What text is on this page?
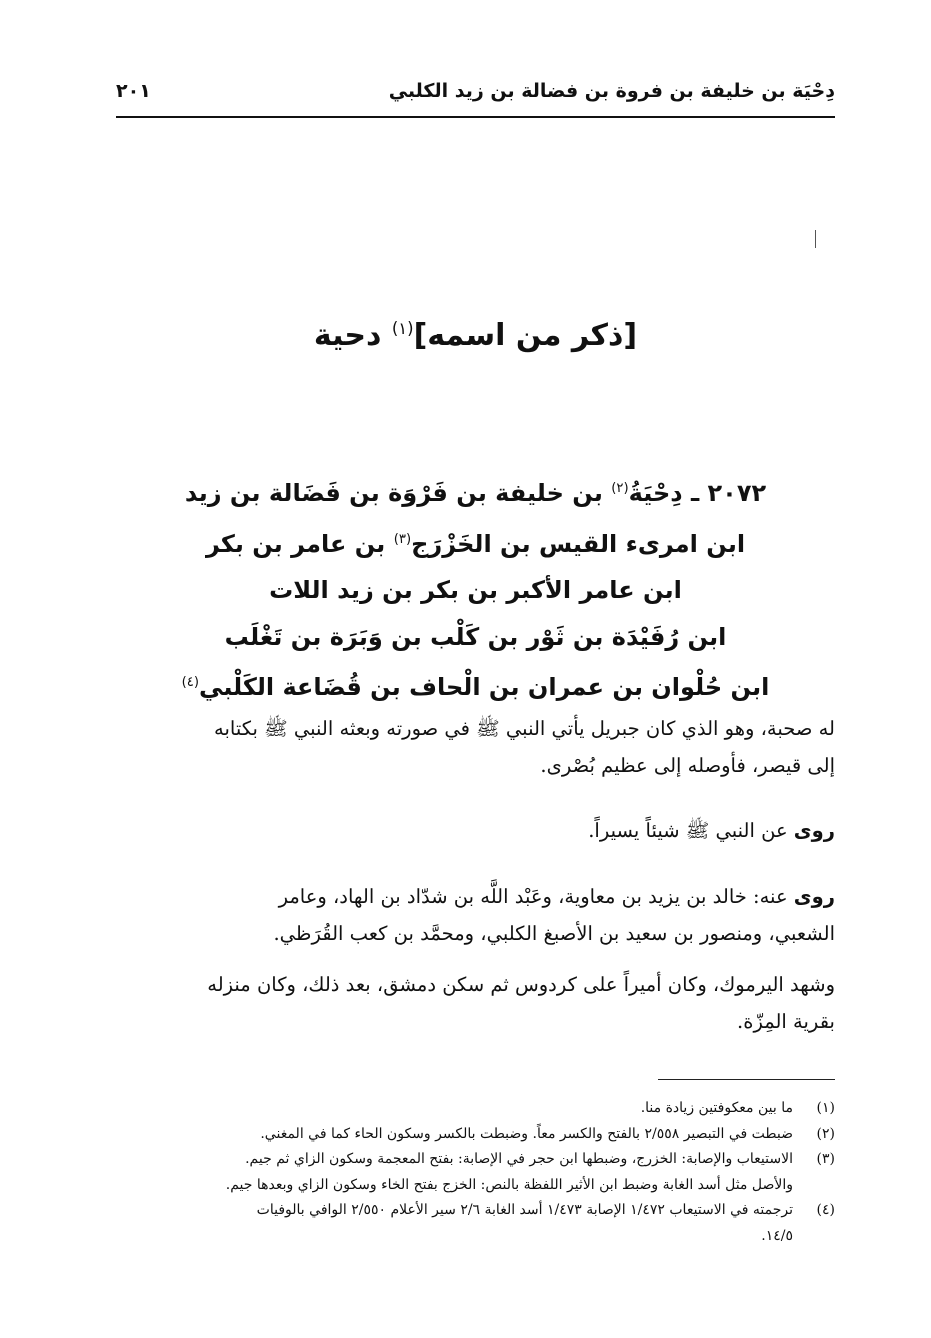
دِحْيَة بن خليفة بن فروة بن فضالة بن زيد الكلبي
٢٠١
[ذكر من اسمه]$^{(١)}$ دحية
٢٠٧٢ ـ دِحْيَةُ$^{(٢)}$ بن خليفة بن فَرْوَة بن فَضَالة بن زيد
ابن امرىء القيس بن الخَزْرَج$^{(٣)}$ بن عامر بن بكر
ابن عامر الأكبر بن بكر بن زيد اللات
ابن رُفَيْدَة بن ثَوْر بن كَلْب بن وَبَرَة بن تَغْلَب
ابن حُلْوان بن عمران بن الْحاف بن قُضَاعة الكَلْبي$^{(٤)}$
له صحبة، وهو الذي كان جبريل يأتي النبي ﷺ في صورته وبعثه النبي ﷺ بكتابه
إلى قيصر، فأوصله إلى عظيم بُصْرى.
روى عن النبي ﷺ شيئاً يسيراً.
روى عنه: خالد بن يزيد بن معاوية، وعَبْد اللَّه بن شدّاد بن الهاد، وعامر
الشعبي، ومنصور بن سعيد بن الأصبغ الكلبي، ومحمَّد بن كعب القُرَظي.
وشهد اليرموك، وكان أميراً على كردوس ثم سكن دمشق، بعد ذلك، وكان منزله
بقرية المِزّة.
(١)
ما بين معكوفتين زيادة منا.
(٢)
ضبطت في التبصير ٢/٥٥٨ بالفتح والكسر معاً. وضبطت بالكسر وسكون الحاء كما في المغني.
(٣)
الاستيعاب والإصابة: الخزرج، وضبطها ابن حجر في الإصابة: بفتح المعجمة وسكون الزاي ثم جيم.
والأصل مثل أسد الغابة وضبط ابن الأثير اللفظة بالنص: الخزج بفتح الخاء وسكون الزاي وبعدها جيم.
(٤)
ترجمته في الاستيعاب ١/٤٧٢ الإصابة ١/٤٧٣ أسد الغابة ٢/٦ سير الأعلام ٢/٥٥٠ الوافي بالوفيات
١٤/٥.
